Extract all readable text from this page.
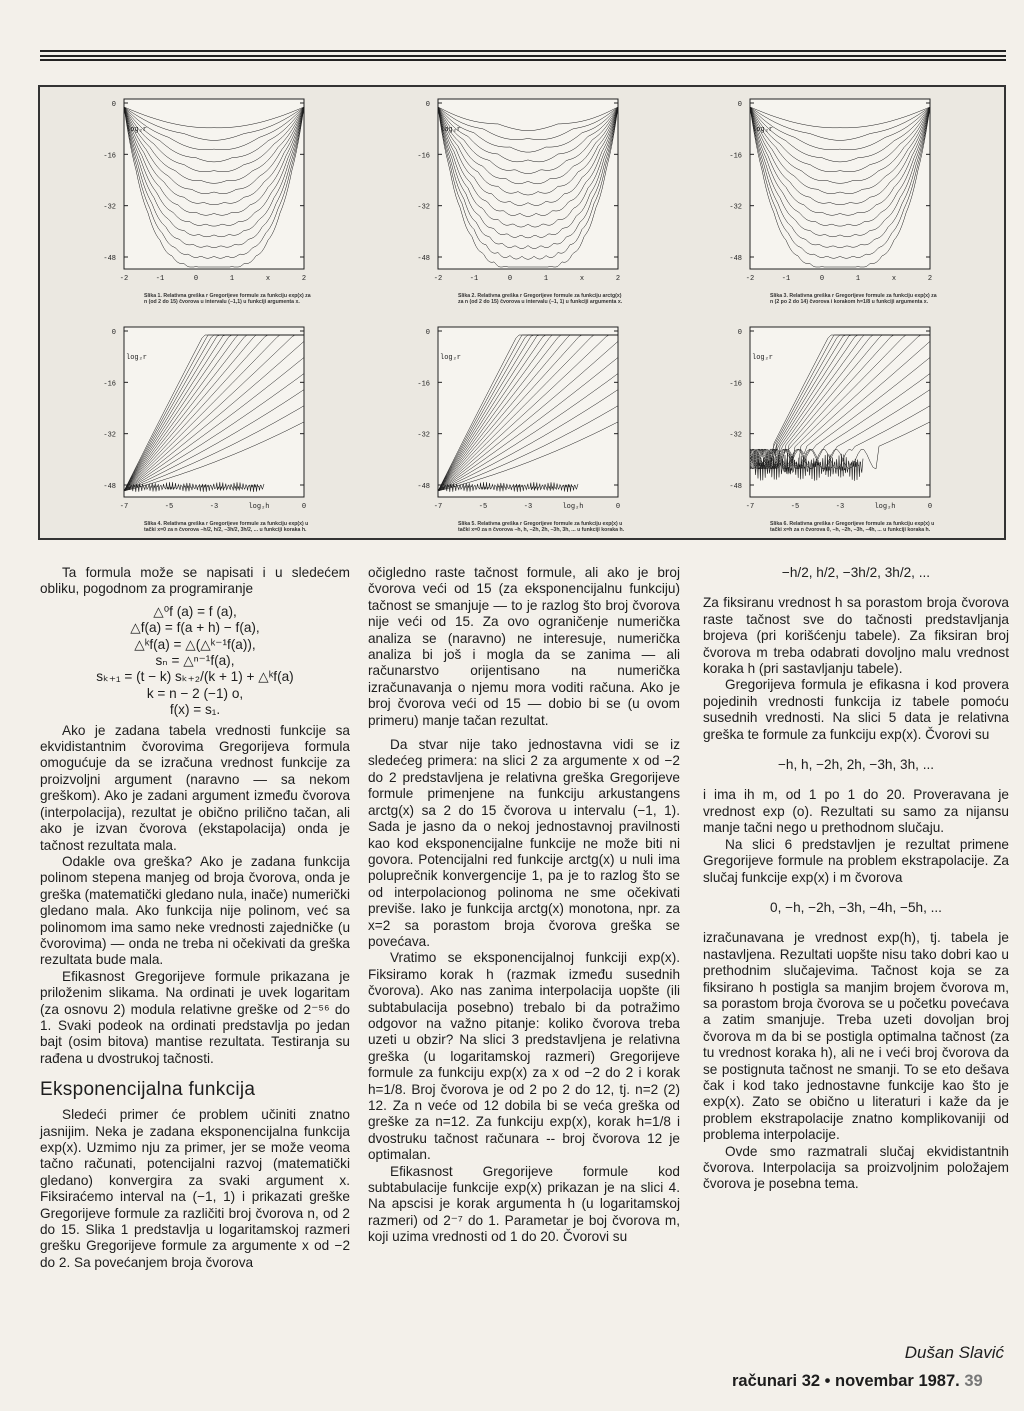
0
-16
-32
-48
log₂r
-2	-1	0	1	x	2
Slika 1. Relativna greška r Gregorijeve formule za funkciju exp(x) za n (od 2 do 15) čvorova u intervalu (−1,1) u funkciji argumenta x.
0
-16
-32
-48
log₂r
-2	-1	0	1	x	2
Slika 2. Relativna greška r Gregorijeve formule za funkciju arctg(x) za n (od 2 do 15) čvorova u intervalu (−1, 1) u funkciji argumenta x.
0
-16
-32
-48
log₂r
-2	-1	0	1	x	2
Slika 3. Relativna greška r Gregorijeve formule za funkciju exp(x) za n (2 po 2 do 14) čvorova i korakom h=1/8 u funkciji argumenta x.
0
-16
-32
-48
log₂r
-7	-5	-3	log₂h	0
Slika 4. Relativna greška r Gregorijeve formule za funkciju exp(x) u tački x=0 za n čvorova −h/2, h/2, −3h/2, 3h/2, ... u funkciji koraka h.
0
-16
-32
-48
log₂r
-7	-5	-3	log₂h	0
Slika 5. Relativna greška r Gregorijeve formule za funkciju exp(x) u tački x=0 za n čvorova −h, h, −2h, 2h, −3h, 3h, ... u funkciji koraka h.
0
-16
-32
-48
log₂r
-7	-5	-3	log₂h	0
Slika 6. Relativna greška r Gregorijeve formule za funkciju exp(x) u tački x=h za n čvorova 0, −h, −2h, −3h, −4h, ... u funkciji koraka h.

Ta formula može se napisati i u sledećem obliku, pogodnom za programiranje

△⁰f (a) = f (a),

△f(a) = f(a + h) − f(a),

△ᵏf(a) = △(△ᵏ⁻¹f(a)),

sₙ = △ⁿ⁻¹f(a),

sₖ₊₁ = (t − k) sₖ₊₂/(k + 1) + △ᵏf(a)

k = n − 2 (−1) o,

f(x) = s₁.

Ako je zadana tabela vrednosti funkcije sa ekvidistantnim čvorovima Gregorijeva formula omogućuje da se izračuna vrednost funkcije za proizvoljni argument (naravno — sa nekom greškom). Ako je zadani argument između čvorova (interpolacija), rezultat je obično prilično tačan, ali ako je izvan čvorova (ekstapolacija) onda je tačnost rezultata mala.

Odakle ova greška? Ako je zadana funkcija polinom stepena manjeg od broja čvorova, onda je greška (matematički gledano nula, inače) numerički gledano mala. Ako funkcija nije polinom, već sa polinomom ima samo neke vrednosti zajedničke (u čvorovima) — onda ne treba ni očekivati da greška rezultata bude mala.

Efikasnost Gregorijeve formule prikazana je priloženim slikama. Na ordinati je uvek logaritam (za osnovu 2) modula relativne greške od 2⁻⁵⁶ do 1. Svaki podeok na ordinati predstavlja po jedan bajt (osim bitova) mantise rezultata. Testiranja su rađena u dvostrukoj tačnosti.

Eksponencijalna funkcija

Sledeći primer će problem učiniti znatno jasnijim. Neka je zadana eksponencijalna funkcija exp(x). Uzmimo nju za primer, jer se može veoma tačno računati, potencijalni razvoj (matematički gledano) konvergira za svaki argument x. Fiksiraćemo interval na (−1, 1) i prikazati greške Gregorijeve formule za različiti broj čvorova n, od 2 do 15. Slika 1 predstavlja u logaritamskoj razmeri grešku Gregorijeve formule za argumente x od −2 do 2. Sa povećanjem broja čvorova

očigledno raste tačnost formule, ali ako je broj čvorova veći od 15 (za eksponencijalnu funkciju) tačnost se smanjuje — to je razlog što broj čvorova nije veći od 15. Za ovo ograničenje numerička analiza se (naravno) ne interesuje, numerička analiza bi još i mogla da se zanima — ali računarstvo orijentisano na numerička izračunavanja o njemu mora voditi računa. Ako je broj čvorova veći od 15 — dobio bi se (u ovom primeru) manje tačan rezultat.

Da stvar nije tako jednostavna vidi se iz sledećeg primera: na slici 2 za argumente x od −2 do 2 predstavljena je relativna greška Gregorijeve formule primenjene na funkciju arkustangens arctg(x) sa 2 do 15 čvorova u intervalu (−1, 1). Sada je jasno da o nekoj jednostavnoj pravilnosti kao kod eksponencijalne funkcije ne može biti ni govora. Potencijalni red funkcije arctg(x) u nuli ima poluprečnik konvergencije 1, pa je to razlog što se od interpolacionog polinoma ne sme očekivati previše. Iako je funkcija arctg(x) monotona, npr. za x=2 sa porastom broja čvorova greška se povećava.

Vratimo se eksponencijalnoj funkciji exp(x). Fiksiramo korak h (razmak između susednih čvorova). Ako nas zanima interpolacija uopšte (ili subtabulacija posebno) trebalo bi da potražimo odgovor na važno pitanje: koliko čvorova treba uzeti u obzir? Na slici 3 predstavljena je relativna greška (u logaritamskoj razmeri) Gregorijeve formule za funkciju exp(x) za x od −2 do 2 i korak h=1/8. Broj čvorova je od 2 po 2 do 12, tj. n=2 (2) 12. Za n veće od 12 dobila bi se veća greška od greške za n=12. Za funkciju exp(x), korak h=1/8 i dvostruku tačnost računara -- broj čvorova 12 je optimalan.

Efikasnost Gregorijeve formule kod subtabulacije funkcije exp(x) prikazan je na slici 4. Na apscisi je korak argumenta h (u logaritamskoj razmeri) od 2⁻⁷ do 1. Parametar je boj čvorova m, koji uzima vrednosti od 1 do 20. Čvorovi su

−h/2, h/2, −3h/2, 3h/2, ...

Za fiksiranu vrednost h sa porastom broja čvorova raste tačnost sve do tačnosti predstavljanja brojeva (pri korišćenju tabele). Za fiksiran broj čvorova m treba odabrati dovoljno malu vrednost koraka h (pri sastavljanju tabele).

Gregorijeva formula je efikasna i kod provera pojedinih vrednosti funkcija iz tabele pomoću susednih vrednosti. Na slici 5 data je relativna greška te formule za funkciju exp(x). Čvorovi su

−h, h, −2h, 2h, −3h, 3h, ...

i ima ih m, od 1 po 1 do 20. Proveravana je vrednost exp (o). Rezultati su samo za nijansu manje tačni nego u prethodnom slučaju.

Na slici 6 predstavljen je rezultat primene Gregorijeve formule na problem ekstrapolacije. Za slučaj funkcije exp(x) i m čvorova

0, −h, −2h, −3h, −4h, −5h, ...

izračunavana je vrednost exp(h), tj. tabela je nastavljena. Rezultati uopšte nisu tako dobri kao u prethodnim slučajevima. Tačnost koja se za fiksirano h postigla sa manjim brojem čvorova m, sa porastom broja čvorova se u početku povećava a zatim smanjuje. Treba uzeti dovoljan broj čvorova m da bi se postigla optimalna tačnost (za tu vrednost koraka h), ali ne i veći broj čvorova da se postignuta tačnost ne smanji. To se eto dešava čak i kod tako jednostavne funkcije kao što je exp(x). Zato se obično u literaturi i kaže da je problem ekstrapolacije znatno komplikovaniji od problema interpolacije.

Ovde smo razmatrali slučaj ekvidistantnih čvorova. Interpolacija sa proizvoljnim položajem čvorova je posebna tema.

Dušan Slavić
računari 32 • novembar 1987. 39
